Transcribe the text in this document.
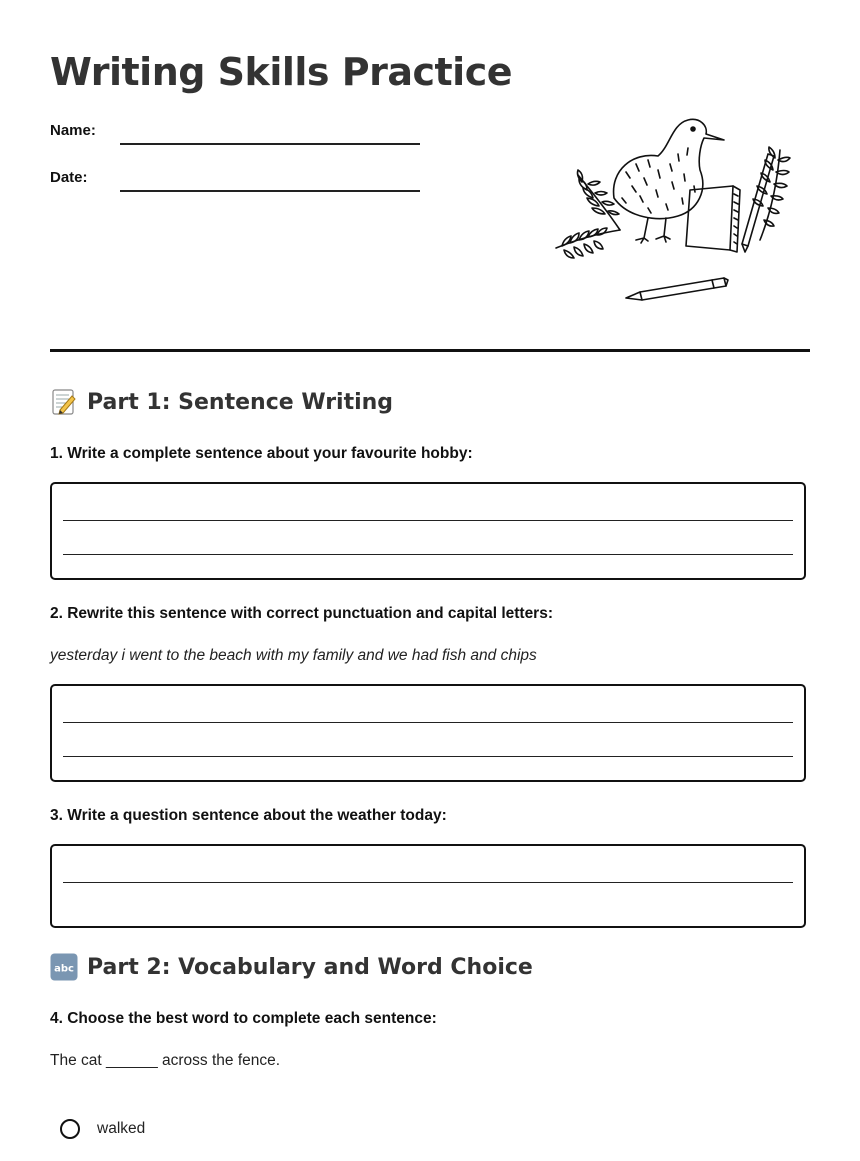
Writing Skills Practice
Name:
Date:
Part 1: Sentence Writing
1. Write a complete sentence about your favourite hobby:
2. Rewrite this sentence with correct punctuation and capital letters:
yesterday i went to the beach with my family and we had fish and chips
3. Write a question sentence about the weather today:
abc Part 2: Vocabulary and Word Choice
4. Choose the best word to complete each sentence:
The cat ______ across the fence.
walked
